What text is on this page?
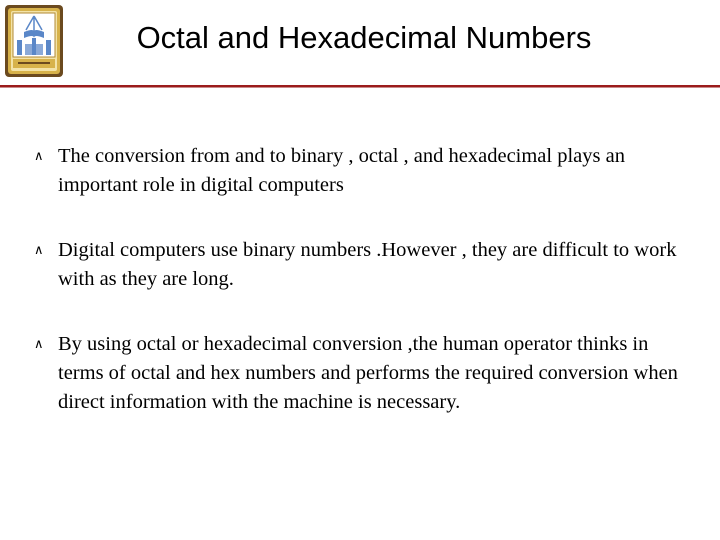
Octal and Hexadecimal Numbers
∧ The conversion from and to binary , octal , and hexadecimal plays an important role in digital computers
∧ Digital computers use binary numbers .However , they are difficult to work with as they are long.
∧ By using octal or hexadecimal conversion ,the human operator thinks in terms of octal and hex numbers and performs the required conversion when direct information with the machine is necessary.
